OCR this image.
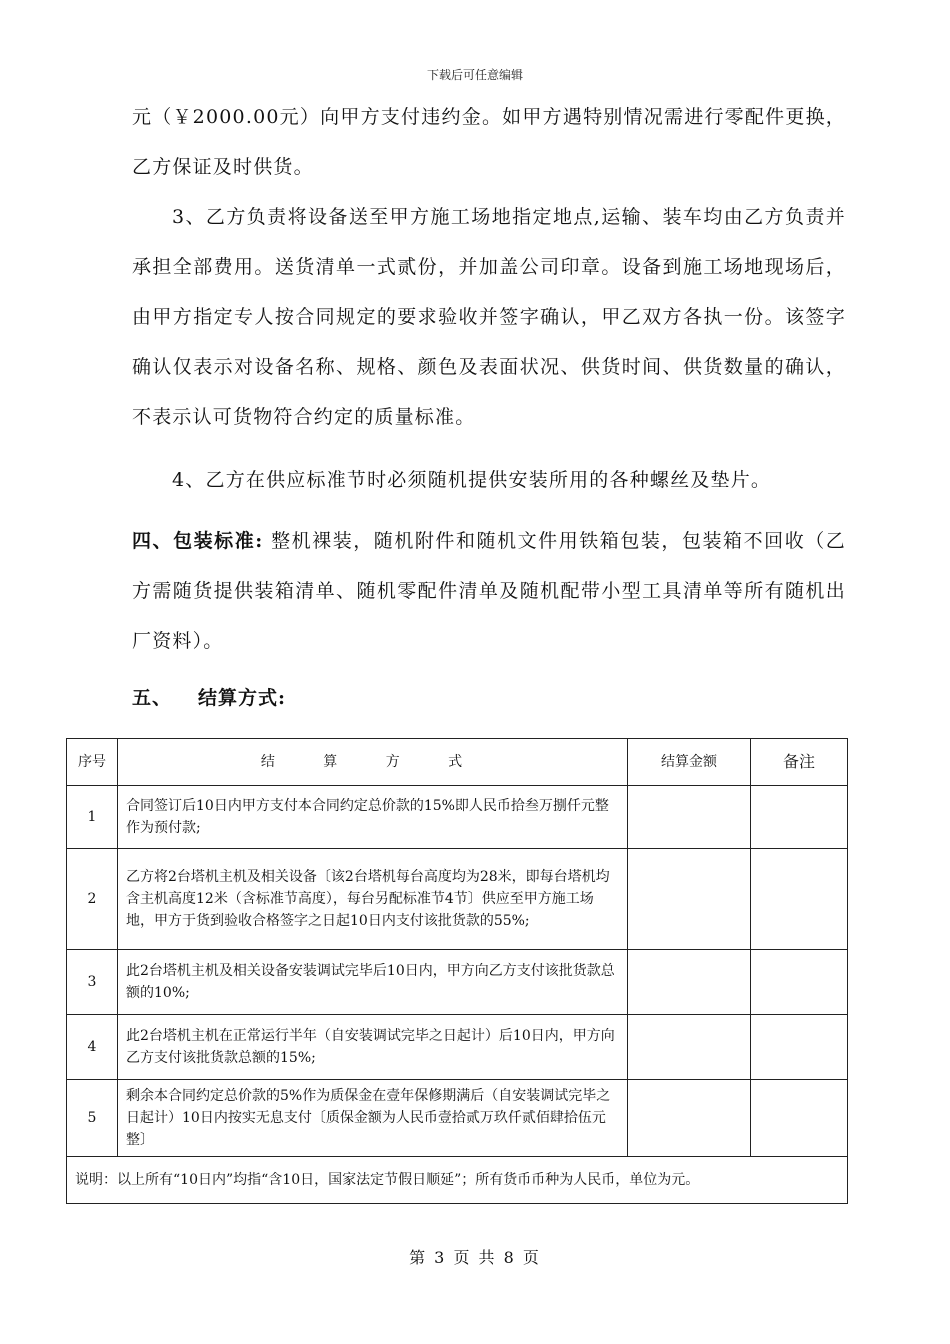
下载后可任意编辑
元（￥2000.00元）向甲方支付违约金。如甲方遇特别情况需进行零配件更换，乙方保证及时供货。
3、乙方负责将设备送至甲方施工场地指定地点,运输、装车均由乙方负责并承担全部费用。送货清单一式贰份，并加盖公司印章。设备到施工场地现场后，由甲方指定专人按合同规定的要求验收并签字确认，甲乙双方各执一份。该签字确认仅表示对设备名称、规格、颜色及表面状况、供货时间、供货数量的确认，不表示认可货物符合约定的质量标准。
4、乙方在供应标准节时必须随机提供安装所用的各种螺丝及垫片。
四、包装标准: 整机裸装，随机附件和随机文件用铁箱包装，包装箱不回收（乙方需随货提供装箱清单、随机零配件清单及随机配带小型工具清单等所有随机出厂资料）。
五、 结算方式:
序号	结 算 方 式	结算金额	备注
1	合同签订后10日内甲方支付本合同约定总价款的15%即人民币拾叁万捌仟元整作为预付款;		
2	乙方将2台塔机主机及相关设备〔该2台塔机每台高度均为28米，即每台塔机均含主机高度12米（含标准节高度），每台另配标准节4节〕供应至甲方施工场地，甲方于货到验收合格签字之日起10日内支付该批货款的55%;		
3	此2台塔机主机及相关设备安装调试完毕后10日内，甲方向乙方支付该批货款总额的10%;		
4	此2台塔机主机在正常运行半年（自安装调试完毕之日起计）后10日内，甲方向乙方支付该批货款总额的15%;		
5	剩余本合同约定总价款的5%作为质保金在壹年保修期满后（自安装调试完毕之日起计）10日内按实无息支付〔质保金额为人民币壹拾贰万玖仟贰佰肆拾伍元整〕		
说明：以上所有“10日内”均指“含10日，国家法定节假日顺延”；所有货币币种为人民币，单位为元。			
第 3 页 共 8 页
